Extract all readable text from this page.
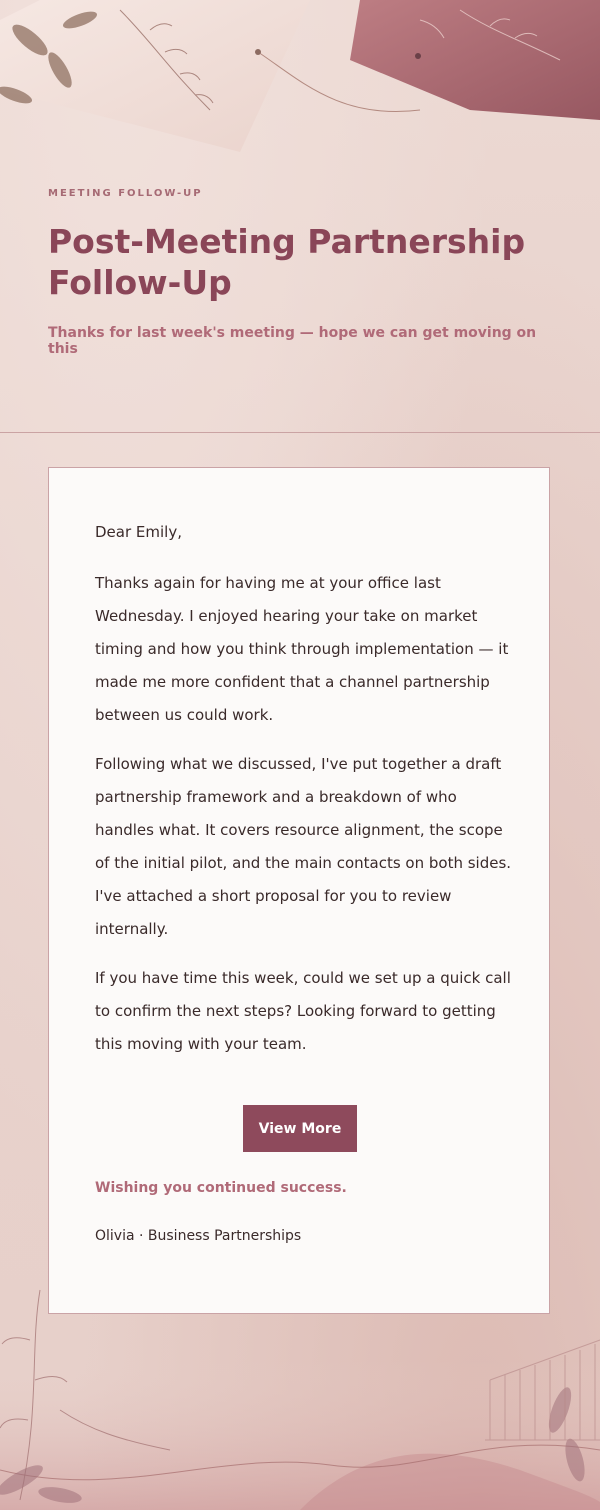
MEETING FOLLOW-UP
Post-Meeting Partnership Follow-Up
Thanks for last week's meeting — hope we can get moving on this

Dear Emily,

Thanks again for having me at your office last Wednesday. I enjoyed hearing your take on market timing and how you think through implementation — it made me more confident that a channel partnership between us could work.

Following what we discussed, I've put together a draft partnership framework and a breakdown of who handles what. It covers resource alignment, the scope of the initial pilot, and the main contacts on both sides. I've attached a short proposal for you to review internally.

If you have time this week, could we set up a quick call to confirm the next steps? Looking forward to getting this moving with your team.

View More
Wishing you continued success.
Olivia · Business Partnerships
